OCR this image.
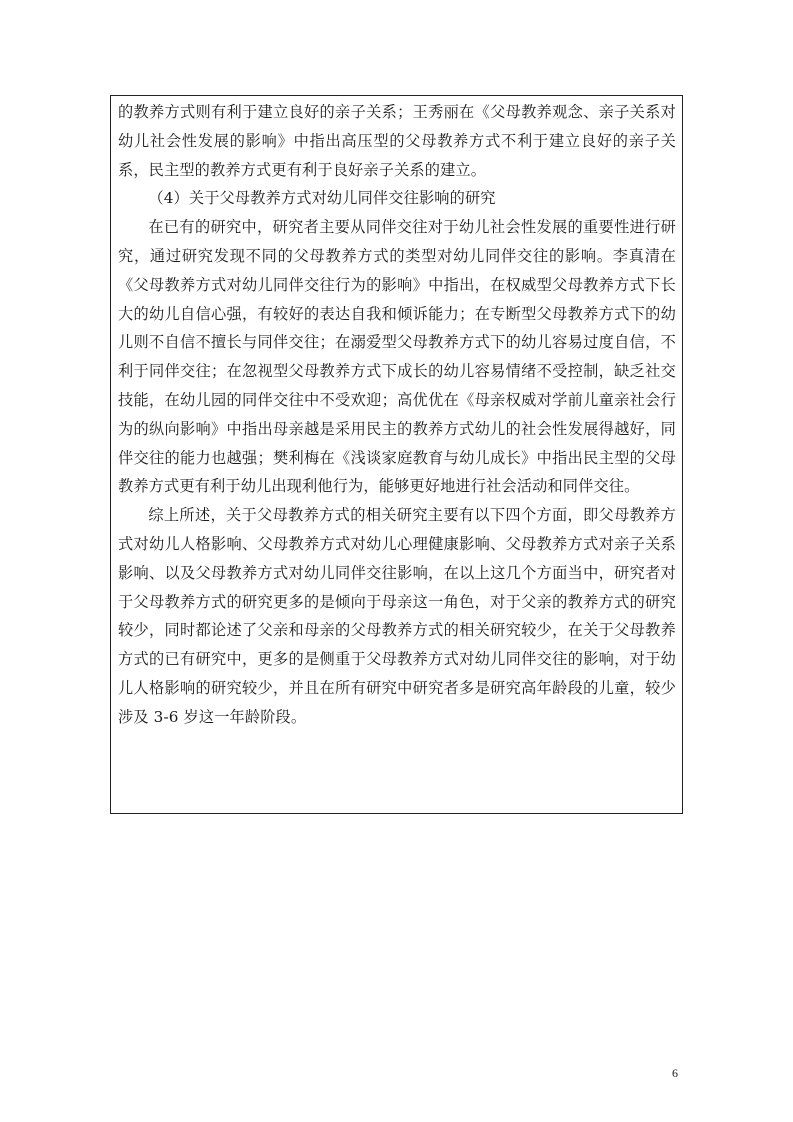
的教养方式则有利于建立良好的亲子关系；王秀丽在《父母教养观念、亲子关系对幼儿社会性发展的影响》中指出高压型的父母教养方式不利于建立良好的亲子关系，民主型的教养方式更有利于良好亲子关系的建立。

（4）关于父母教养方式对幼儿同伴交往影响的研究

在已有的研究中，研究者主要从同伴交往对于幼儿社会性发展的重要性进行研究，通过研究发现不同的父母教养方式的类型对幼儿同伴交往的影响。李真清在《父母教养方式对幼儿同伴交往行为的影响》中指出，在权威型父母教养方式下长大的幼儿自信心强，有较好的表达自我和倾诉能力；在专断型父母教养方式下的幼儿则不自信不擅长与同伴交往；在溺爱型父母教养方式下的幼儿容易过度自信，不利于同伴交往；在忽视型父母教养方式下成长的幼儿容易情绪不受控制，缺乏社交技能，在幼儿园的同伴交往中不受欢迎；高优优在《母亲权威对学前儿童亲社会行为的纵向影响》中指出母亲越是采用民主的教养方式幼儿的社会性发展得越好，同伴交往的能力也越强；樊利梅在《浅谈家庭教育与幼儿成长》中指出民主型的父母教养方式更有利于幼儿出现利他行为，能够更好地进行社会活动和同伴交往。

综上所述，关于父母教养方式的相关研究主要有以下四个方面，即父母教养方式对幼儿人格影响、父母教养方式对幼儿心理健康影响、父母教养方式对亲子关系影响、以及父母教养方式对幼儿同伴交往影响，在以上这几个方面当中，研究者对于父母教养方式的研究更多的是倾向于母亲这一角色，对于父亲的教养方式的研究较少，同时都论述了父亲和母亲的父母教养方式的相关研究较少，在关于父母教养方式的已有研究中，更多的是侧重于父母教养方式对幼儿同伴交往的影响，对于幼儿人格影响的研究较少，并且在所有研究中研究者多是研究高年龄段的儿童，较少涉及 3-6 岁这一年龄阶段。

6
